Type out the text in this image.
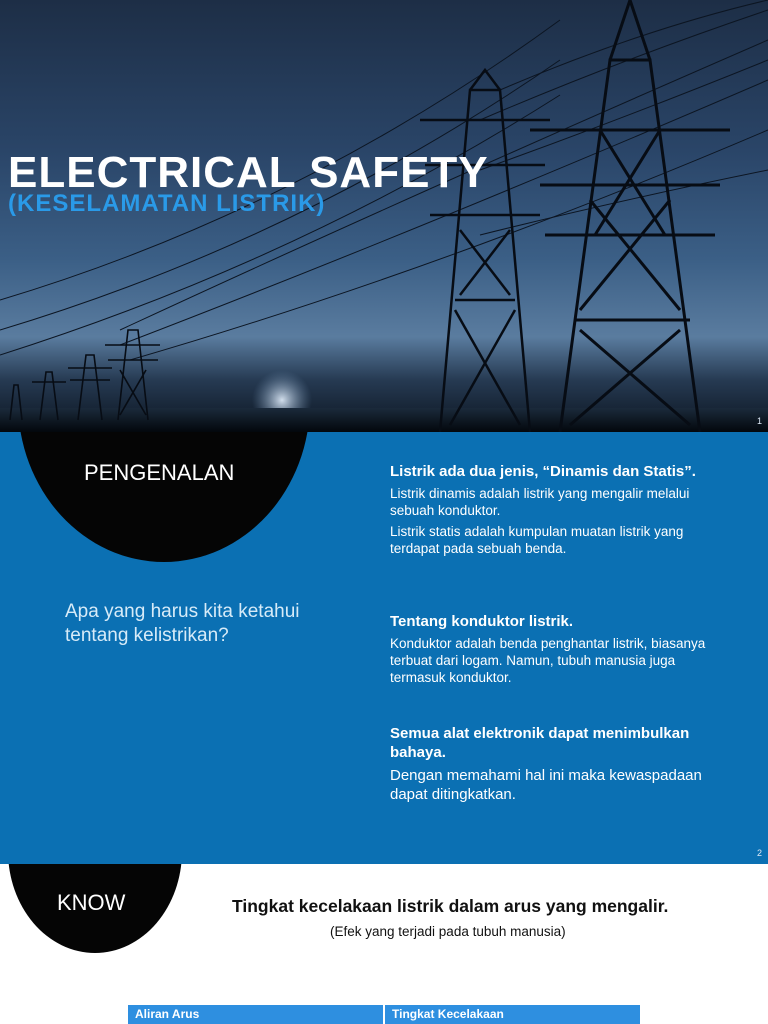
ELECTRICAL SAFETY
(KESELAMATAN LISTRIK)
1
PENGENALAN
Apa yang harus kita ketahui tentang kelistrikan?
Listrik ada dua jenis, “Dinamis dan Statis”.
Listrik dinamis adalah listrik yang mengalir melalui sebuah konduktor.
Listrik statis adalah kumpulan muatan listrik yang terdapat pada sebuah benda.
Tentang konduktor listrik.
Konduktor adalah benda penghantar listrik, biasanya terbuat dari logam. Namun, tubuh manusia juga termasuk konduktor.
Semua alat elektronik dapat menimbulkan bahaya.
Dengan memahami hal ini maka kewaspadaan dapat ditingkatkan.
2
KNOW	Tingkat kecelakaan listrik dalam arus yang mengalir.
(Efek yang terjadi pada tubuh manusia)
Aliran Arus	Tingkat Kecelakaan
